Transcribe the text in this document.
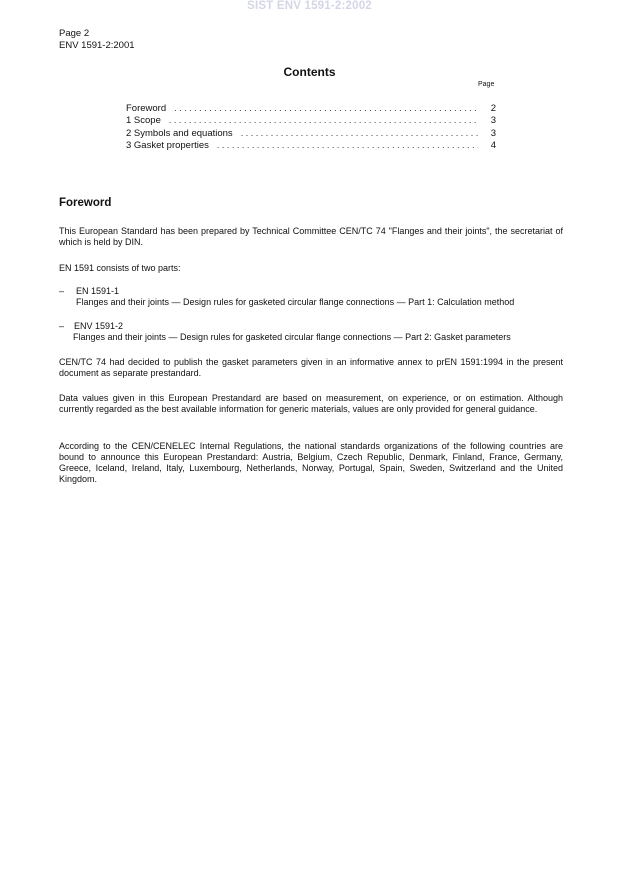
SIST ENV 1591-2:2002
Page 2
ENV 1591-2:2001
Contents
Page
Foreword . . .	2
1 Scope . . .	3
2 Symbols and equations . . .	3
3 Gasket properties . . .	4
Foreword
This European Standard has been prepared by Technical Committee CEN/TC 74 "Flanges and their joints", the secretariat of which is held by DIN.
EN 1591 consists of two parts:
– EN 1591-1
Flanges and their joints — Design rules for gasketed circular flange connections — Part 1: Calculation method
– ENV 1591-2
Flanges and their joints — Design rules for gasketed circular flange connections — Part 2: Gasket parameters
CEN/TC 74 had decided to publish the gasket parameters given in an informative annex to prEN 1591:1994 in the present document as separate prestandard.
Data values given in this European Prestandard are based on measurement, on experience, or on estimation. Although currently regarded as the best available information for generic materials, values are only provided for general guidance.
According to the CEN/CENELEC Internal Regulations, the national standards organizations of the following countries are bound to announce this European Prestandard: Austria, Belgium, Czech Republic, Denmark, Finland, France, Germany, Greece, Iceland, Ireland, Italy, Luxembourg, Netherlands, Norway, Portugal, Spain, Sweden, Switzerland and the United Kingdom.
